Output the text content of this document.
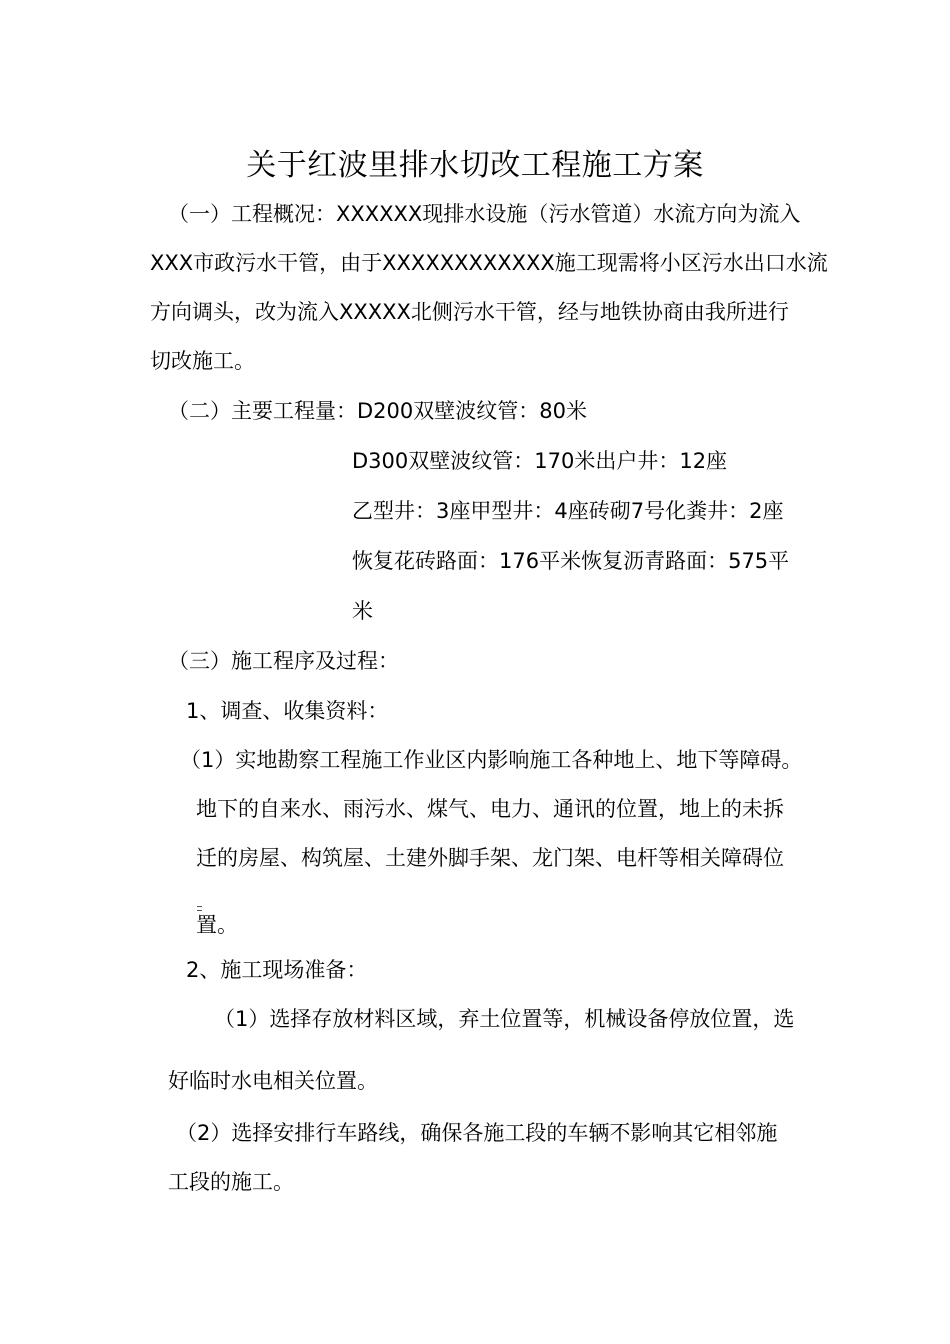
关于红波里排水切改工程施工方案
（一）工程概况：XXXXXX现排水设施（污水管道）水流方向为流入
XXX市政污水干管，由于XXXXXXXXXXXX施工现需将小区污水出口水流
方向调头，改为流入XXXXX北侧污水干管，经与地铁协商由我所进行
切改施工。
（二）主要工程量：D200双壁波纹管：80米
D300双壁波纹管：170米出户井：12座
乙型井：3座甲型井：4座砖砌7号化粪井：2座
恢复花砖路面：176平米恢复沥青路面：575平
米
（三）施工程序及过程：
1、调查、收集资料：
（1）实地勘察工程施工作业区内影响施工各种地上、地下等障碍。
地下的自来水、雨污水、煤气、电力、通讯的位置，地上的未拆
迁的房屋、构筑屋、土建外脚手架、龙门架、电杆等相关障碍位
置。
2、施工现场准备：
（1）选择存放材料区域，弃土位置等，机械设备停放位置，选
好临时水电相关位置。
（2）选择安排行车路线，确保各施工段的车辆不影响其它相邻施
工段的施工。
